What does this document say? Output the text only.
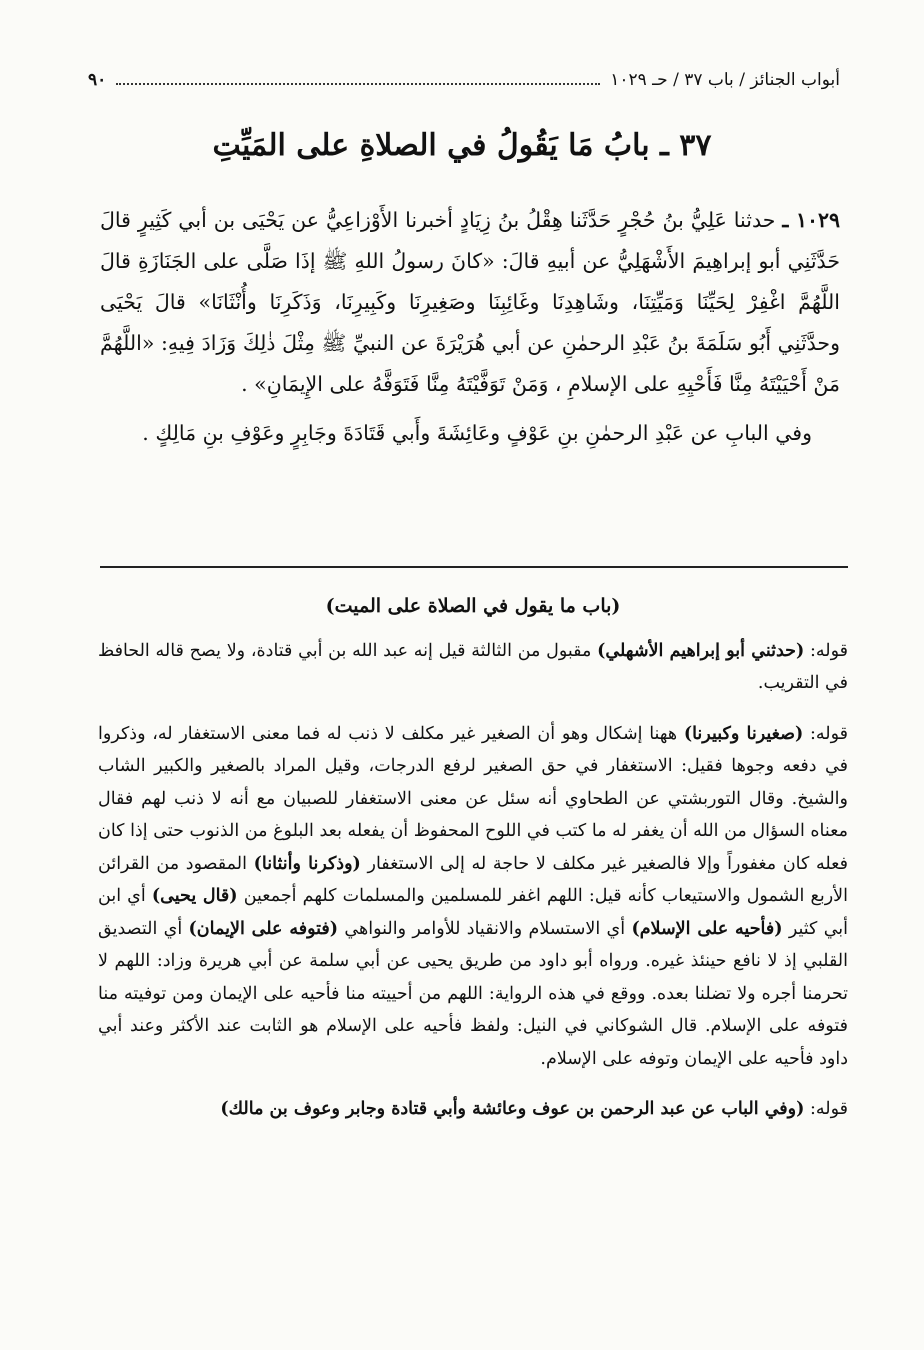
أبواب الجنائز / باب ٣٧ / حـ ١٠٢٩
٩٠
٣٧ ـ بابُ مَا يَقُولُ في الصلاةِ على المَيِّتِ

١٠٢٩ ـ حدثنا عَلِيُّ بنُ حُجْرٍ حَدَّثَنا هِقْلُ بنُ زِيَادٍ أخبرنا الأَوْزاعِيُّ عن يَحْيَى بن أبي كَثِيرٍ قالَ حَدَّثَنِي أبو إبراهِيمَ الأَشْهَلِيُّ عن أبيهِ قالَ: «كانَ رسولُ اللهِ ﷺ إذَا صَلَّى على الجَنَازَةِ قالَ اللَّهُمَّ اغْفِرْ لِحَيِّنَا وَمَيِّتِنَا، وشَاهِدِنَا وغَائِبِنَا وصَغِيرِنَا وكَبِيرِنَا، وَذَكَرِنَا وأُنْثَانَا» قالَ يَحْيَى وحدَّثَنِي أَبُو سَلَمَةَ بنُ عَبْدِ الرحمٰنِ عن أبي هُرَيْرَةَ عن النبيِّ ﷺ مِثْلَ ذٰلِكَ وَزَادَ فِيهِ: «اللَّهُمَّ مَنْ أَحْيَيْتَهُ مِنَّا فَأَحْيِهِ على الإسلامِ ، وَمَنْ تَوَفَّيْتَهُ مِنَّا فَتَوَفَّهُ على الإِيمَانِ» .

وفي البابِ عن عَبْدِ الرحمٰنِ بنِ عَوْفٍ وعَائِشَةَ وأَبي قَتَادَةَ وجَابِرٍ وعَوْفِ بنِ مَالِكٍ .

(باب ما يقول في الصلاة على الميت)

قوله: (حدثني أبو إبراهيم الأشهلي) مقبول من الثالثة قيل إنه عبد الله بن أبي قتادة، ولا يصح قاله الحافظ في التقريب.

قوله: (صغيرنا وكبيرنا) ههنا إشكال وهو أن الصغير غير مكلف لا ذنب له فما معنى الاستغفار له، وذكروا في دفعه وجوها فقيل: الاستغفار في حق الصغير لرفع الدرجات، وقيل المراد بالصغير والكبير الشاب والشيخ. وقال التوربشتي عن الطحاوي أنه سئل عن معنى الاستغفار للصبيان مع أنه لا ذنب لهم فقال معناه السؤال من الله أن يغفر له ما كتب في اللوح المحفوظ أن يفعله بعد البلوغ من الذنوب حتى إذا كان فعله كان مغفوراً وإلا فالصغير غير مكلف لا حاجة له إلى الاستغفار (وذكرنا وأنثانا) المقصود من القرائن الأربع الشمول والاستيعاب كأنه قيل: اللهم اغفر للمسلمين والمسلمات كلهم أجمعين (قال يحيى) أي ابن أبي كثير (فأحيه على الإسلام) أي الاستسلام والانقياد للأوامر والنواهي (فتوفه على الإيمان) أي التصديق القلبي إذ لا نافع حينئذ غيره. ورواه أبو داود من طريق يحيى عن أبي سلمة عن أبي هريرة وزاد: اللهم لا تحرمنا أجره ولا تضلنا بعده. ووقع في هذه الرواية: اللهم من أحييته منا فأحيه على الإيمان ومن توفيته منا فتوفه على الإسلام. قال الشوكاني في النيل: ولفظ فأحيه على الإسلام هو الثابت عند الأكثر وعند أبي داود فأحيه على الإيمان وتوفه على الإسلام.

قوله: (وفي الباب عن عبد الرحمن بن عوف وعائشة وأبي قتادة وجابر وعوف بن مالك)
